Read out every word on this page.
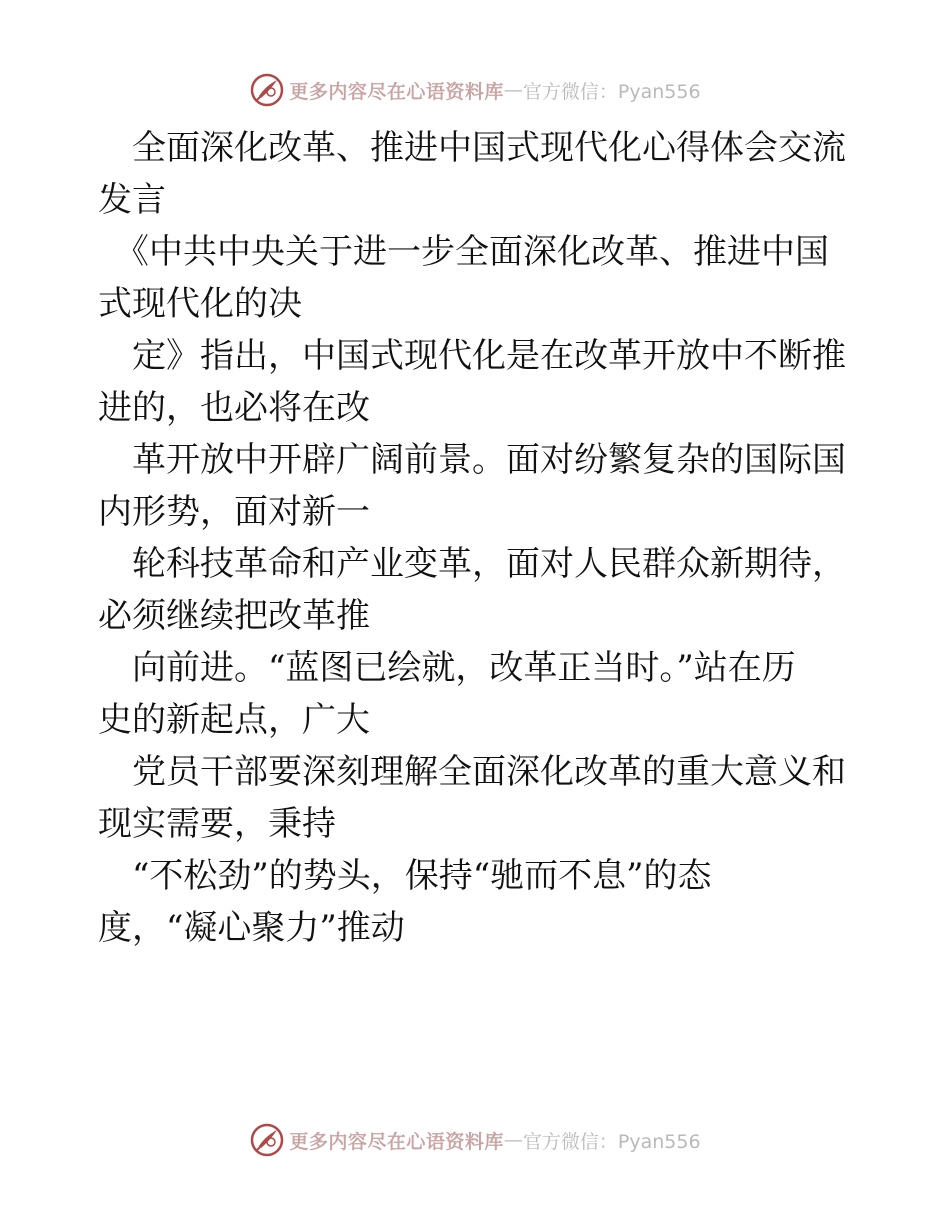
更多内容尽在心语资料库 — 官方微信：Pyan556
　全面深化改革、推进中国式现代化心得体会交流
发言
　《中共中央关于进一步全面深化改革、推进中国
式现代化的决
　定》指出，中国式现代化是在改革开放中不断推
进的，也必将在改
　革开放中开辟广阔前景。面对纷繁复杂的国际国
内形势，面对新一
　轮科技革命和产业变革，面对人民群众新期待，
必须继续把改革推
　向前进。“蓝图已绘就，改革正当时。”站在历
史的新起点，广大
　党员干部要深刻理解全面深化改革的重大意义和
现实需要，秉持
　“不松劲”的势头，保持“驰而不息”的态
度，“凝心聚力”推动
更多内容尽在心语资料库 — 官方微信：Pyan556
